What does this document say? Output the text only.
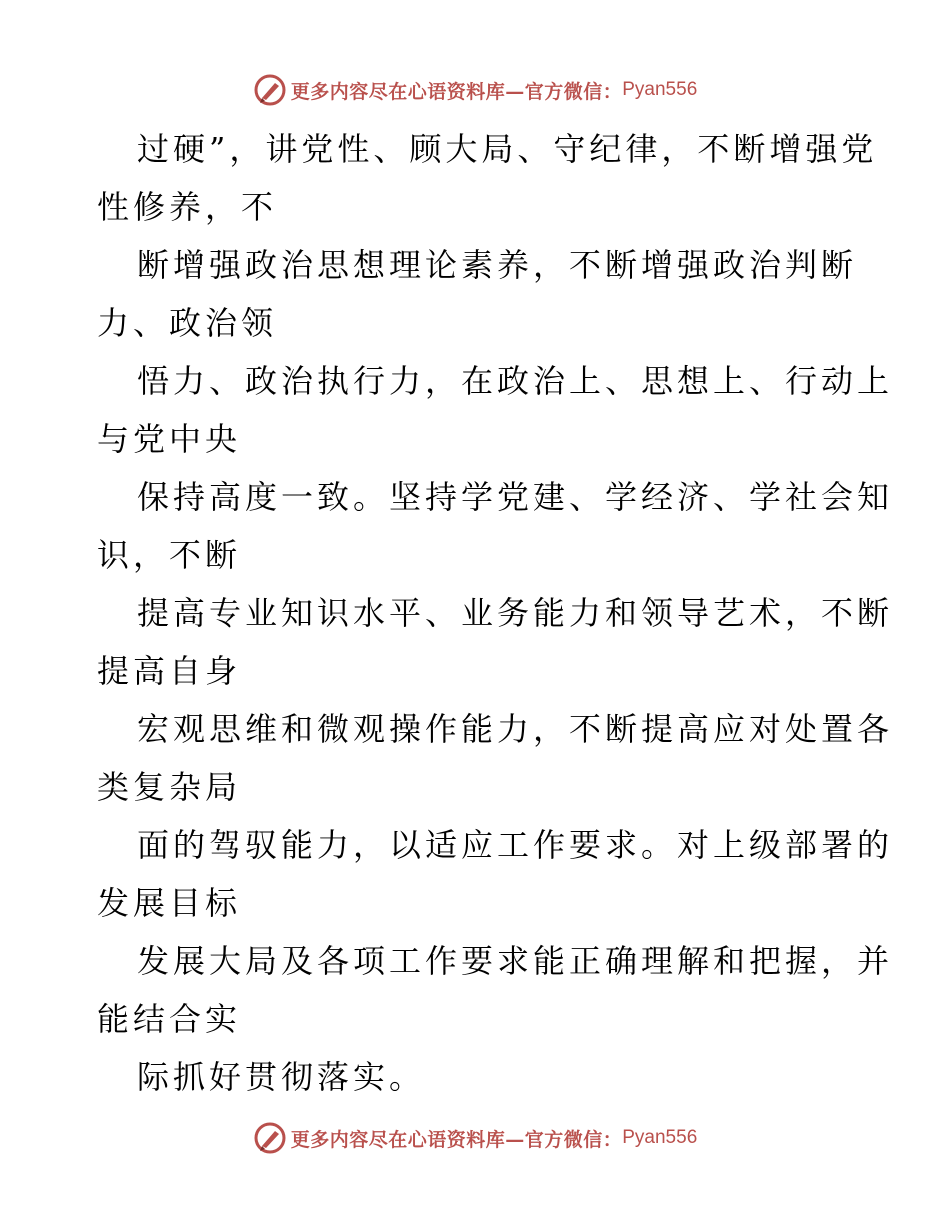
更多内容尽在心语资料库—官方微信： Pyan556
过硬”，讲党性、顾大局、守纪律，不断增强党
性修养，不
断增强政治思想理论素养，不断增强政治判断
力、政治领
悟力、政治执行力，在政治上、思想上、行动上
与党中央
保持高度一致。坚持学党建、学经济、学社会知
识，不断
提高专业知识水平、业务能力和领导艺术，不断
提高自身
宏观思维和微观操作能力，不断提高应对处置各
类复杂局
面的驾驭能力，以适应工作要求。对上级部署的
发展目标
发展大局及各项工作要求能正确理解和把握，并
能结合实
际抓好贯彻落实。
更多内容尽在心语资料库—官方微信： Pyan556
